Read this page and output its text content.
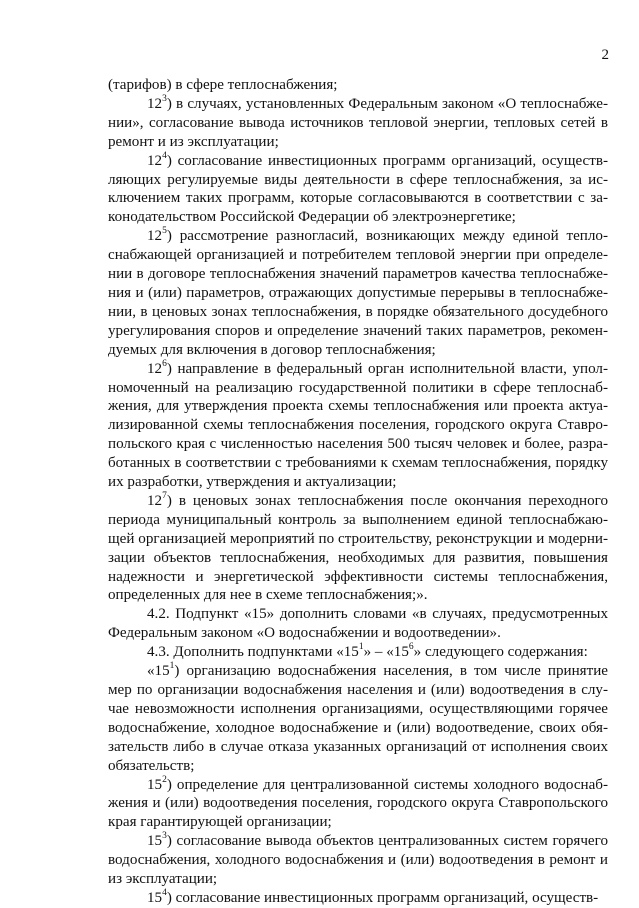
2

(тарифов) в сфере теплоснабжения;

$12^3$) в случаях, установленных Федеральным законом «О теплоснабже-нии», согласование вывода источников тепловой энергии, тепловых сетей в ремонт и из эксплуатации;

$12^4$) согласование инвестиционных программ организаций, осуществ-ляющих регулируемые виды деятельности в сфере теплоснабжения, за ис-ключением таких программ, которые согласовываются в соответствии с за-конодательством Российской Федерации об электроэнергетике;

$12^5$) рассмотрение разногласий, возникающих между единой тепло-снабжающей организацией и потребителем тепловой энергии при определе-нии в договоре теплоснабжения значений параметров качества теплоснабже-ния и (или) параметров, отражающих допустимые перерывы в теплоснабже-нии, в ценовых зонах теплоснабжения, в порядке обязательного досудебного урегулирования споров и определение значений таких параметров, рекомен-дуемых для включения в договор теплоснабжения;

$12^6$) направление в федеральный орган исполнительной власти, упол-номоченный на реализацию государственной политики в сфере теплоснаб-жения, для утверждения проекта схемы теплоснабжения или проекта актуа-лизированной схемы теплоснабжения поселения, городского округа Ставро-польского края с численностью населения 500 тысяч человек и более, разра-ботанных в соответствии с требованиями к схемам теплоснабжения, порядку их разработки, утверждения и актуализации;

$12^7$) в ценовых зонах теплоснабжения после окончания переходного периода муниципальный контроль за выполнением единой теплоснабжаю-щей организацией мероприятий по строительству, реконструкции и модерни-зации объектов теплоснабжения, необходимых для развития, повышения надежности и энергетической эффективности системы теплоснабжения, определенных для нее в схеме теплоснабжения;».

4.2. Подпункт «15» дополнить словами «в случаях, предусмотренных Федеральным законом «О водоснабжении и водоотведении».

4.3. Дополнить подпунктами «$15^1$» – «$15^6$» следующего содержания:

«$15^1$) организацию водоснабжения населения, в том числе принятие мер по организации водоснабжения населения и (или) водоотведения в слу-чае невозможности исполнения организациями, осуществляющими горячее водоснабжение, холодное водоснабжение и (или) водоотведение, своих обя-зательств либо в случае отказа указанных организаций от исполнения своих обязательств;

$15^2$) определение для централизованной системы холодного водоснаб-жения и (или) водоотведения поселения, городского округа Ставропольского края гарантирующей организации;

$15^3$) согласование вывода объектов централизованных систем горячего водоснабжения, холодного водоснабжения и (или) водоотведения в ремонт и из эксплуатации;

$15^4$) согласование инвестиционных программ организаций, осуществ-
